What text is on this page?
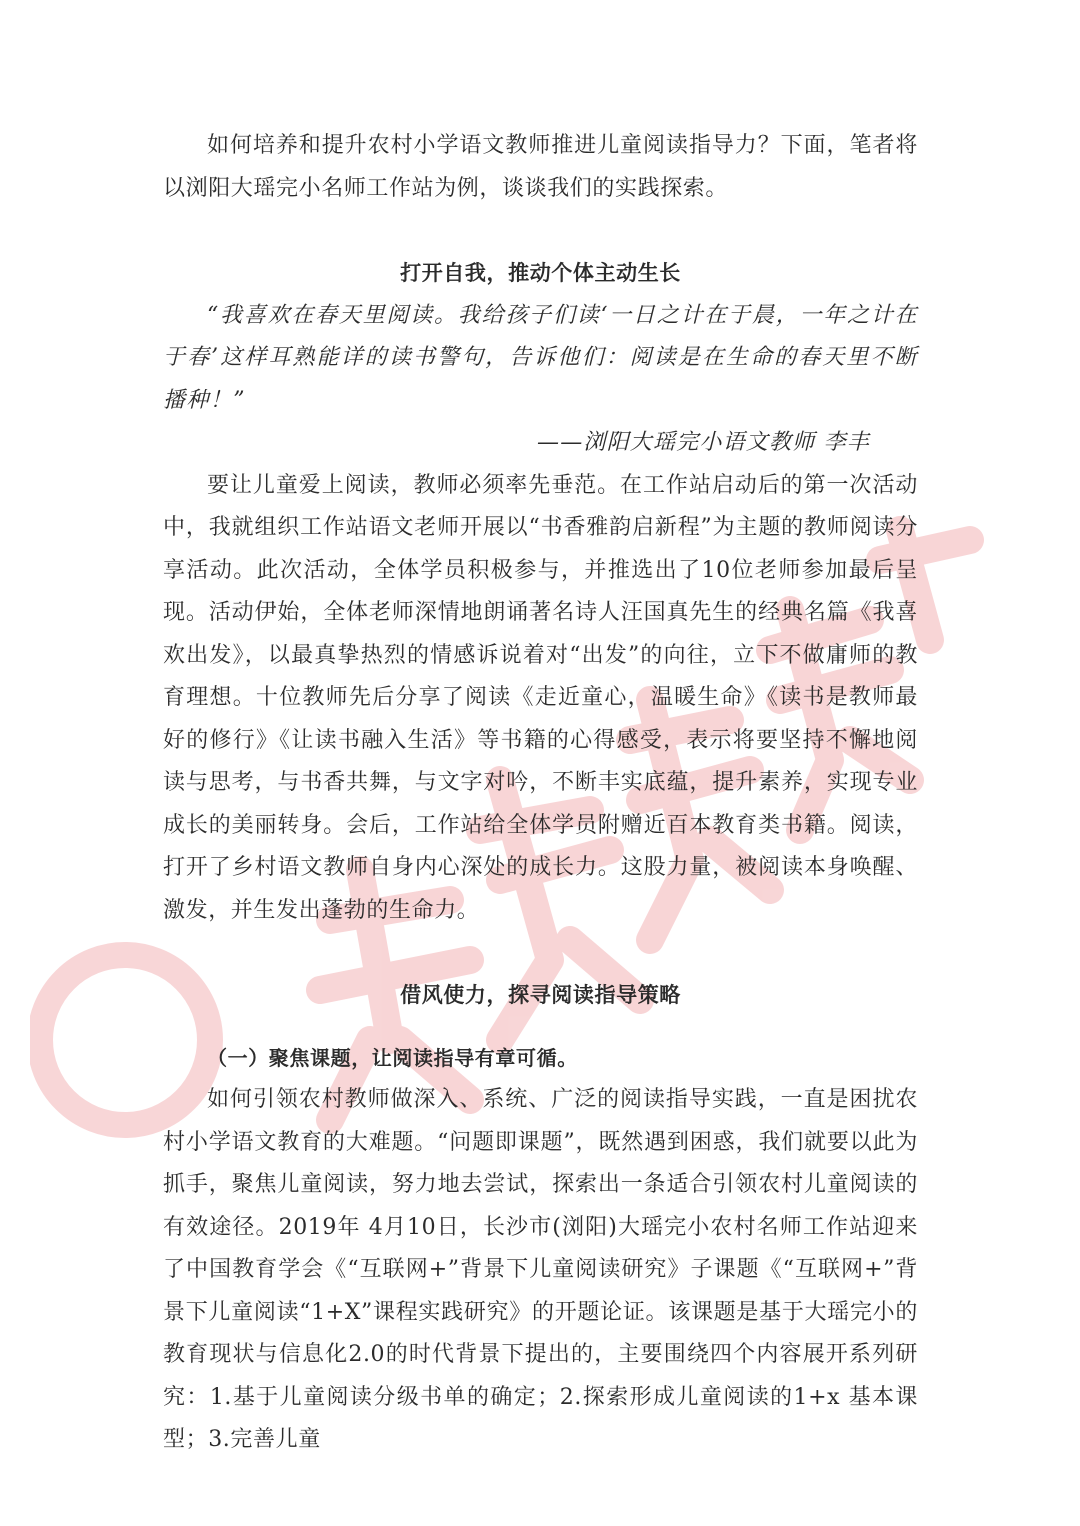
未经授权禁止

如何培养和提升农村小学语文教师推进儿童阅读指导力？下面，笔者将以浏阳大瑶完小名师工作站为例，谈谈我们的实践探索。

打开自我，推动个体主动生长

“我喜欢在春天里阅读。我给孩子们读‘一日之计在于晨，一年之计在于春’这样耳熟能详的读书警句，告诉他们：阅读是在生命的春天里不断播种！”

——浏阳大瑶完小语文教师 李丰

要让儿童爱上阅读，教师必须率先垂范。在工作站启动后的第一次活动中，我就组织工作站语文老师开展以“书香雅韵启新程”为主题的教师阅读分享活动。此次活动，全体学员积极参与，并推选出了10位老师参加最后呈现。活动伊始，全体老师深情地朗诵著名诗人汪国真先生的经典名篇《我喜欢出发》，以最真挚热烈的情感诉说着对“出发”的向往，立下不做庸师的教育理想。十位教师先后分享了阅读《走近童心，温暖生命》《读书是教师最好的修行》《让读书融入生活》等书籍的心得感受，表示将要坚持不懈地阅读与思考，与书香共舞，与文字对吟，不断丰实底蕴，提升素养，实现专业成长的美丽转身。会后，工作站给全体学员附赠近百本教育类书籍。阅读，打开了乡村语文教师自身内心深处的成长力。这股力量，被阅读本身唤醒、激发，并生发出蓬勃的生命力。

借风使力，探寻阅读指导策略

（一）聚焦课题，让阅读指导有章可循。

如何引领农村教师做深入、系统、广泛的阅读指导实践，一直是困扰农村小学语文教育的大难题。“问题即课题”，既然遇到困惑，我们就要以此为抓手，聚焦儿童阅读，努力地去尝试，探索出一条适合引领农村儿童阅读的有效途径。2019年 4月10日，长沙市(浏阳)大瑶完小农村名师工作站迎来了中国教育学会《“互联网+”背景下儿童阅读研究》子课题《“互联网+”背景下儿童阅读“1+X”课程实践研究》的开题论证。该课题是基于大瑶完小的教育现状与信息化2.0的时代背景下提出的，主要围绕四个内容展开系列研究：1.基于儿童阅读分级书单的确定；2.探索形成儿童阅读的1+x 基本课型；3.完善儿童
